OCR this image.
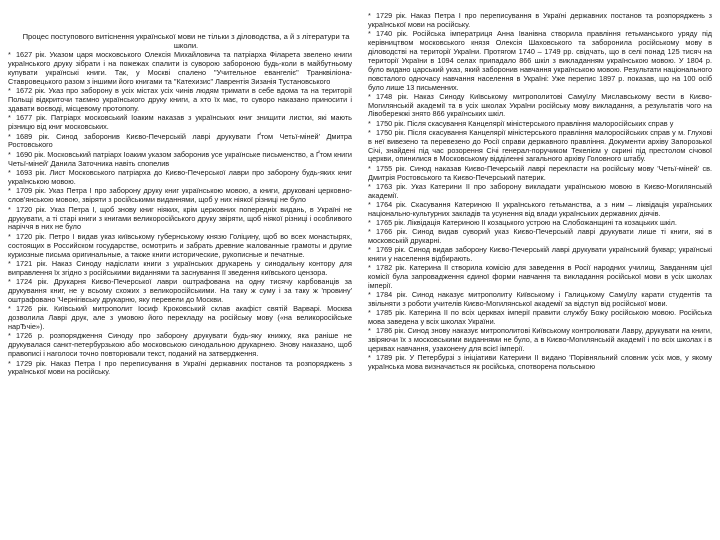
Процес поступового витіснення української мови не тільки з діловодства, а й з літератури та школи.

* 1627 рік. Указом царя московського Олексія Михайловича та патріарха Філарета звелено книги українського друку зібрати і на пожежах спалити із суворою забороною будь-коли в майбутньому купувати українські книги. Так, у Москві спалено "Учительное евангеліє" Транквіліона-Ставровецького разом з іншими його книгами та "Катехизис" Лаврентія Зизанія Тустановського

* 1672 рік. Указ про заборону в усіх містах усіх чинів людям тримати в себе вдома та на території Польщі відкриточи таємно українського друку книги, а хто їх має, то суворо наказано приносити і здавати воєводі, місцевому протопопу.

* 1677 рік. Патріарх московський Іоаким наказав з українських книг знищити листки, які мають різницю від книг московських.

* 1689 рік. Синод заборонив Києво-Печерській лаврі друкувати Ґтом Четьї-міней' Дмитра Ростовського

* 1690 рік. Московський патріарх Іоаким указом заборонив усе українське письменство, а Ґтом книги Четьї-міней' Данила Заточника навіть спопелив

* 1693 рік. Лист Московського патріарха до Києво-Печерської лаври про заборону будь-яких книг українською мовою.

* 1709 рік. Указ Петра І про заборону друку книг українською мовою, а книги, друковані церковно-слов'янською мовою, звіряти з російськими виданнями, щоб у них ніякої різниці не було

* 1720 рік. Указ Петра І, щоб знову книг ніяких, крім церковних попередніх видань, в Україні не друкувати, а ті старі книги з книгами великоросійського друку звіряти, щоб ніякої різниці і особливого наріччя в них не було

* 1720 рік. Петро І видав указ київському губернському князю Голіцину, щоб во всех монастырях, состоящих в Российском государстве, осмотрить и забрать древние жалованные грамоты и другие куриозные письма оригинальные, а также книги исторические, рукописные и печатные.

* 1721 рік. Наказ Синоду надіслати книги з українських друкарень у синодальну контору для виправлення їх згідно з російськими виданнями та заснування її зведення київського цензора.

* 1724 рік. Друкарня Києво-Печерської лаври оштрафована на одну тисячу карбованців за друкування книг, не у всьому схожих з великоросійськими. На таку ж суму і за таку ж 'провину' оштрафовано 'Чернігівську друкарню, яку перевели до Москви.

* 1726 рік. Київський митрополит Іосиф Кроковський склав акафіст святій Варварі. Москва дозволила Лаврі друк, але з умовою його перекладу на російську мову («на великоросійське нарЂчіе»).

* 1726 р. розпорядження Синоду про заборону друкувати будь-яку книжку, яка раніше не друкувалася санкт-петербурзькою або московською синодальною друкарнею. Знову наказано, щоб правописі і наголоси точно повторювали текст, поданий на затвердження.

* 1729 рік. Наказ Петра І про переписування в Україні державних постанов та розпоряджень з української мови на російську.

* 1729 рік. Наказ Петра І про переписування в Україні державних постанов та розпоряджень з української мови на російську.

* 1740 рік. Російська імператриця Анна Іванівна створила правління гетьманського уряду під керівництвом московського князя Олексія Шаховського та заборонила російському мову в діловодстві на території України. Протягом 1740 – 1749 рр. свідчать, що в селі понад 125 тисяч на території України в 1094 селах припадало 866 шкіл з викладанням українською мовою. У 1804 р. було видано царський указ, який заборонив навчання українською мовою. Результати національного повсталого одночасу навчання населення в Україні: Уже перепис 1897 р. показав, що на 100 осіб було лише 13 письменних.

* 1748 рік. Наказ Синоду Київському митрополитові Самуїлу Миславському вести в Києво-Могилянській академії та в усіх школах України російську мову викладання, а результатів чого на Лівобережжі знято 866 українських шкіл.

* 1750 рік. Після скасування Канцелярії міністерського правління малоросійських справ у

* 1750 рік. Після скасування Канцелярії міністерського правління малоросійських справ у м. Глухові в неї вивезено та перевезено до Росії справи державного правління. Документи архіву Запорозької Січі, знайдені під час розорення Січі генерал-поручиком Текелієм у скрині під престолом січової церкви, опинилися в Московському відділенні загального архіву Головного штабу.

* 1755 рік. Синод наказав Києво-Печерській лаврі перекласти на російську мову 'Четьї-міней' св. Дмитрія Ростовського та Києво-Печерський патерик.

* 1763 рік. Указ Катерини ІІ про заборону викладати українською мовою в Києво-Могилянській академії.

* 1764 рік. Скасування Катериною ІІ українського гетьманства, а з ним – ліквідація українських національно-культурних закладів та усунення від влади українських державних діячів.

* 1765 рік. Ліквідація Катериною ІІ козацького устрою на Слобожанщині та козацьких шкіл.

* 1766 рік. Синод видав суворий указ Києво-Печерській лаврі друкувати лише ті книги, які в московській друкарні.

* 1769 рік. Синод видав заборону Києво-Печерській лаврі друкувати український буквар; українські книги у населення відбирають.

* 1782 рік. Катерина ІІ створила комісію для заведення в Росії народних училищ. Завданням цієї комісії була запровадження єдиної форми навчання та викладання російської мови в усіх школах імперії.

* 1784 рік. Синод наказує митрополиту Київському і Галицькому Самуїлу карати студентів та звільняти з роботи учителів Києво-Могилянської академії за відступ від російської мови.

* 1785 рік. Катерина ІІ по всіх церквах імперії правити службу Божу російською мовою. Російська мова заведена у всіх школах України.

* 1786 рік. Синод знову наказує митрополитові Київському контролювати Лавру, друкувати на книги, звіряючи їх з московськими виданнями не було, а в Києво-Могилянській академії і по всіх школах і в церквах навчання, узаконену для всієї імперії.

* 1789 рік. У Петербурзі з ініціативи Катерини ІІ видано 'Порівняльний словник усіх мов, у якому українська мова визначається як російська, спотворена польською
